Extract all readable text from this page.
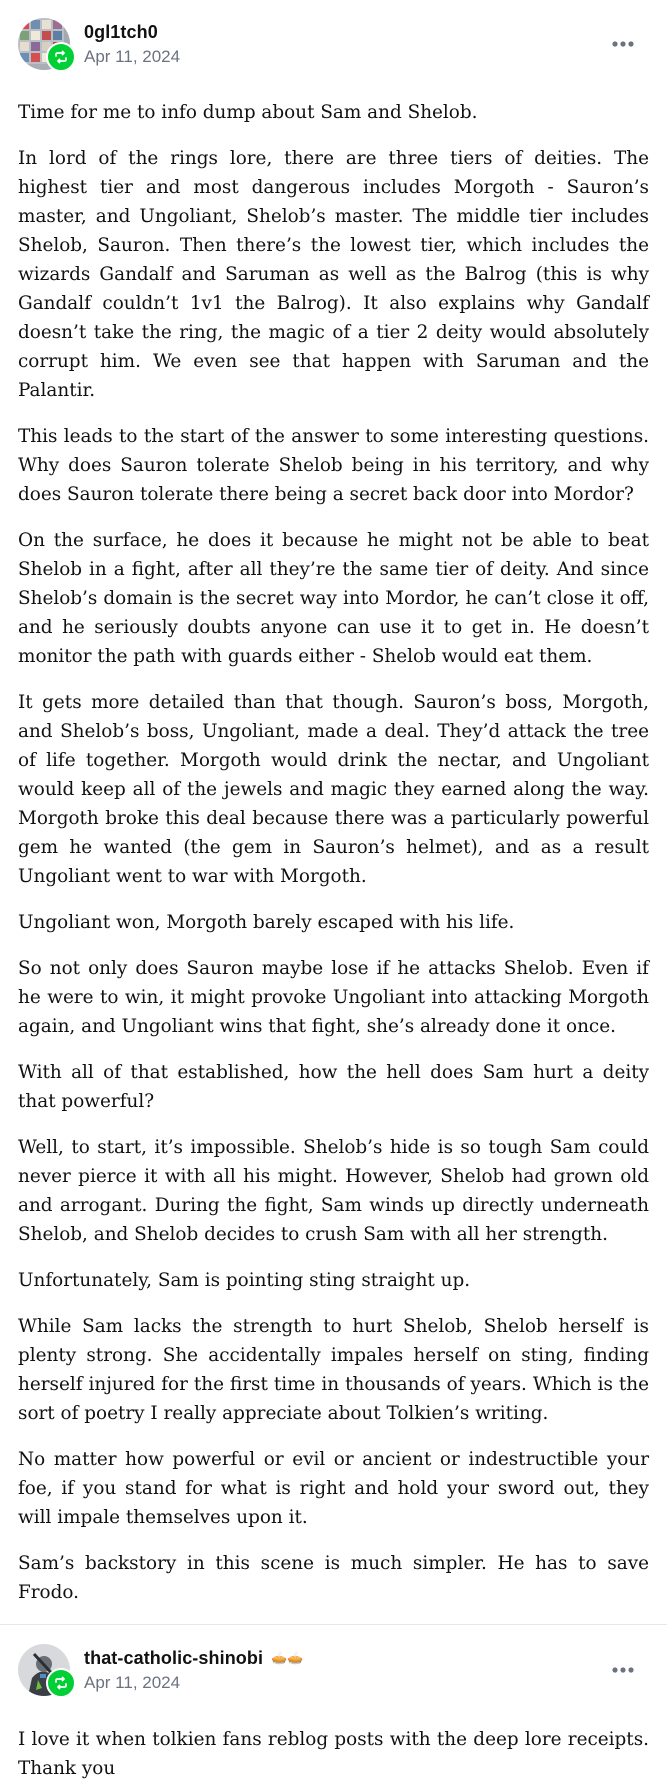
0gl1tch0
Apr 11, 2024

Time for me to info dump about Sam and Shelob.

In lord of the rings lore, there are three tiers of deities. The highest tier and most dangerous includes Morgoth - Sauron’s master, and Ungoliant, Shelob’s master. The middle tier includes Shelob, Sauron. Then there’s the lowest tier, which includes the wizards Gandalf and Saruman as well as the Balrog (this is why Gandalf couldn’t 1v1 the Balrog). It also explains why Gandalf doesn’t take the ring, the magic of a tier 2 deity would absolutely corrupt him. We even see that happen with Saruman and the Palantir.

This leads to the start of the answer to some interesting questions. Why does Sauron tolerate Shelob being in his territory, and why does Sauron tolerate there being a secret back door into Mordor?

On the surface, he does it because he might not be able to beat Shelob in a fight, after all they’re the same tier of deity. And since Shelob’s domain is the secret way into Mordor, he can’t close it off, and he seriously doubts anyone can use it to get in. He doesn’t monitor the path with guards either - Shelob would eat them.

It gets more detailed than that though. Sauron’s boss, Morgoth, and Shelob’s boss, Ungoliant, made a deal. They’d attack the tree of life together. Morgoth would drink the nectar, and Ungoliant would keep all of the jewels and magic they earned along the way. Morgoth broke this deal because there was a particularly powerful gem he wanted (the gem in Sauron’s helmet), and as a result Ungoliant went to war with Morgoth.

Ungoliant won, Morgoth barely escaped with his life.

So not only does Sauron maybe lose if he attacks Shelob. Even if he were to win, it might provoke Ungoliant into attacking Morgoth again, and Ungoliant wins that fight, she’s already done it once.

With all of that established, how the hell does Sam hurt a deity that powerful?

Well, to start, it’s impossible. Shelob’s hide is so tough Sam could never pierce it with all his might. However, Shelob had grown old and arrogant. During the fight, Sam winds up directly underneath Shelob, and Shelob decides to crush Sam with all her strength.

Unfortunately, Sam is pointing sting straight up.

While Sam lacks the strength to hurt Shelob, Shelob herself is plenty strong. She accidentally impales herself on sting, finding herself injured for the first time in thousands of years. Which is the sort of poetry I really appreciate about Tolkien’s writing.

No matter how powerful or evil or ancient or indestructible your foe, if you stand for what is right and hold your sword out, they will impale themselves upon it.

Sam’s backstory in this scene is much simpler. He has to save Frodo.

that-catholic-shinobi 🥧🥧
Apr 11, 2024

I love it when tolkien fans reblog posts with the deep lore receipts. Thank you
